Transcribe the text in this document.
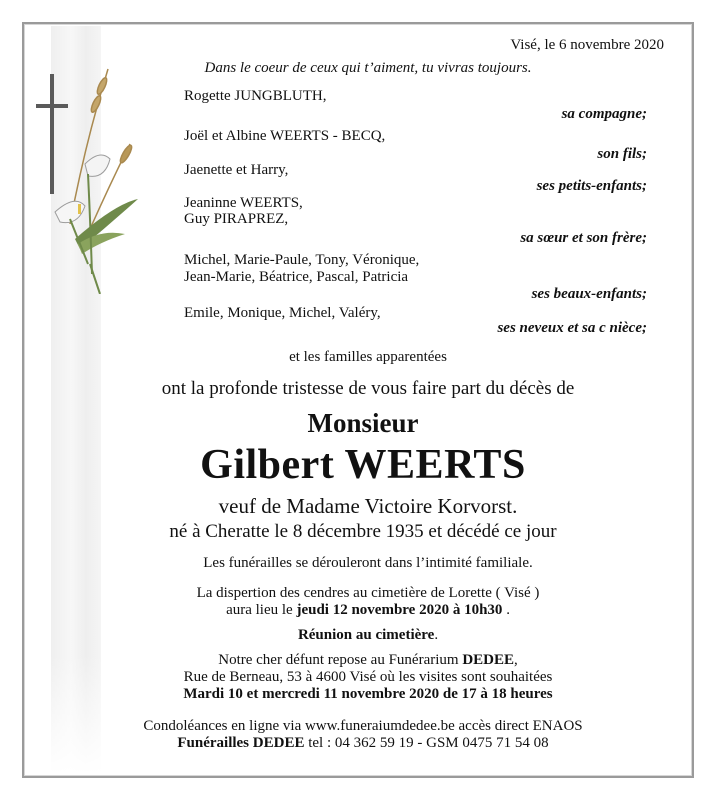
Visé, le 6 novembre 2020
Dans le coeur de ceux qui t’aiment, tu vivras toujours.
Rogette JUNGBLUTH,
sa compagne;
Joël et Albine WEERTS - BECQ,
son fils;
Jaenette et Harry,
ses petits-enfants;
Jeaninne WEERTS,
Guy PIRAPREZ,
sa sœur et son frère;
Michel, Marie-Paule, Tony, Véronique,
Jean-Marie, Béatrice, Pascal, Patricia
ses beaux-enfants;
Emile, Monique, Michel, Valéry,
ses neveux et sa c nièce;
et les familles apparentées
ont la profonde tristesse de vous faire part du décès de
Monsieur
Gilbert WEERTS
veuf de Madame Victoire Korvorst.
né à Cheratte le 8 décembre 1935 et décédé ce jour
Les funérailles se dérouleront dans l’intimité familiale.
La dispertion des cendres au cimetière de Lorette ( Visé )
aura lieu le jeudi 12 novembre 2020 à 10h30 .
Réunion au cimetière.
Notre cher défunt repose au Funérarium DEDEE,
Rue de Berneau, 53 à 4600 Visé où les visites sont souhaitées
Mardi 10 et mercredi 11 novembre 2020 de 17 à 18 heures
Condoléances en ligne via www.funeraiumdedee.be accès direct ENAOS
Funérailles DEDEE tel : 04 362 59 19 - GSM 0475 71 54 08
